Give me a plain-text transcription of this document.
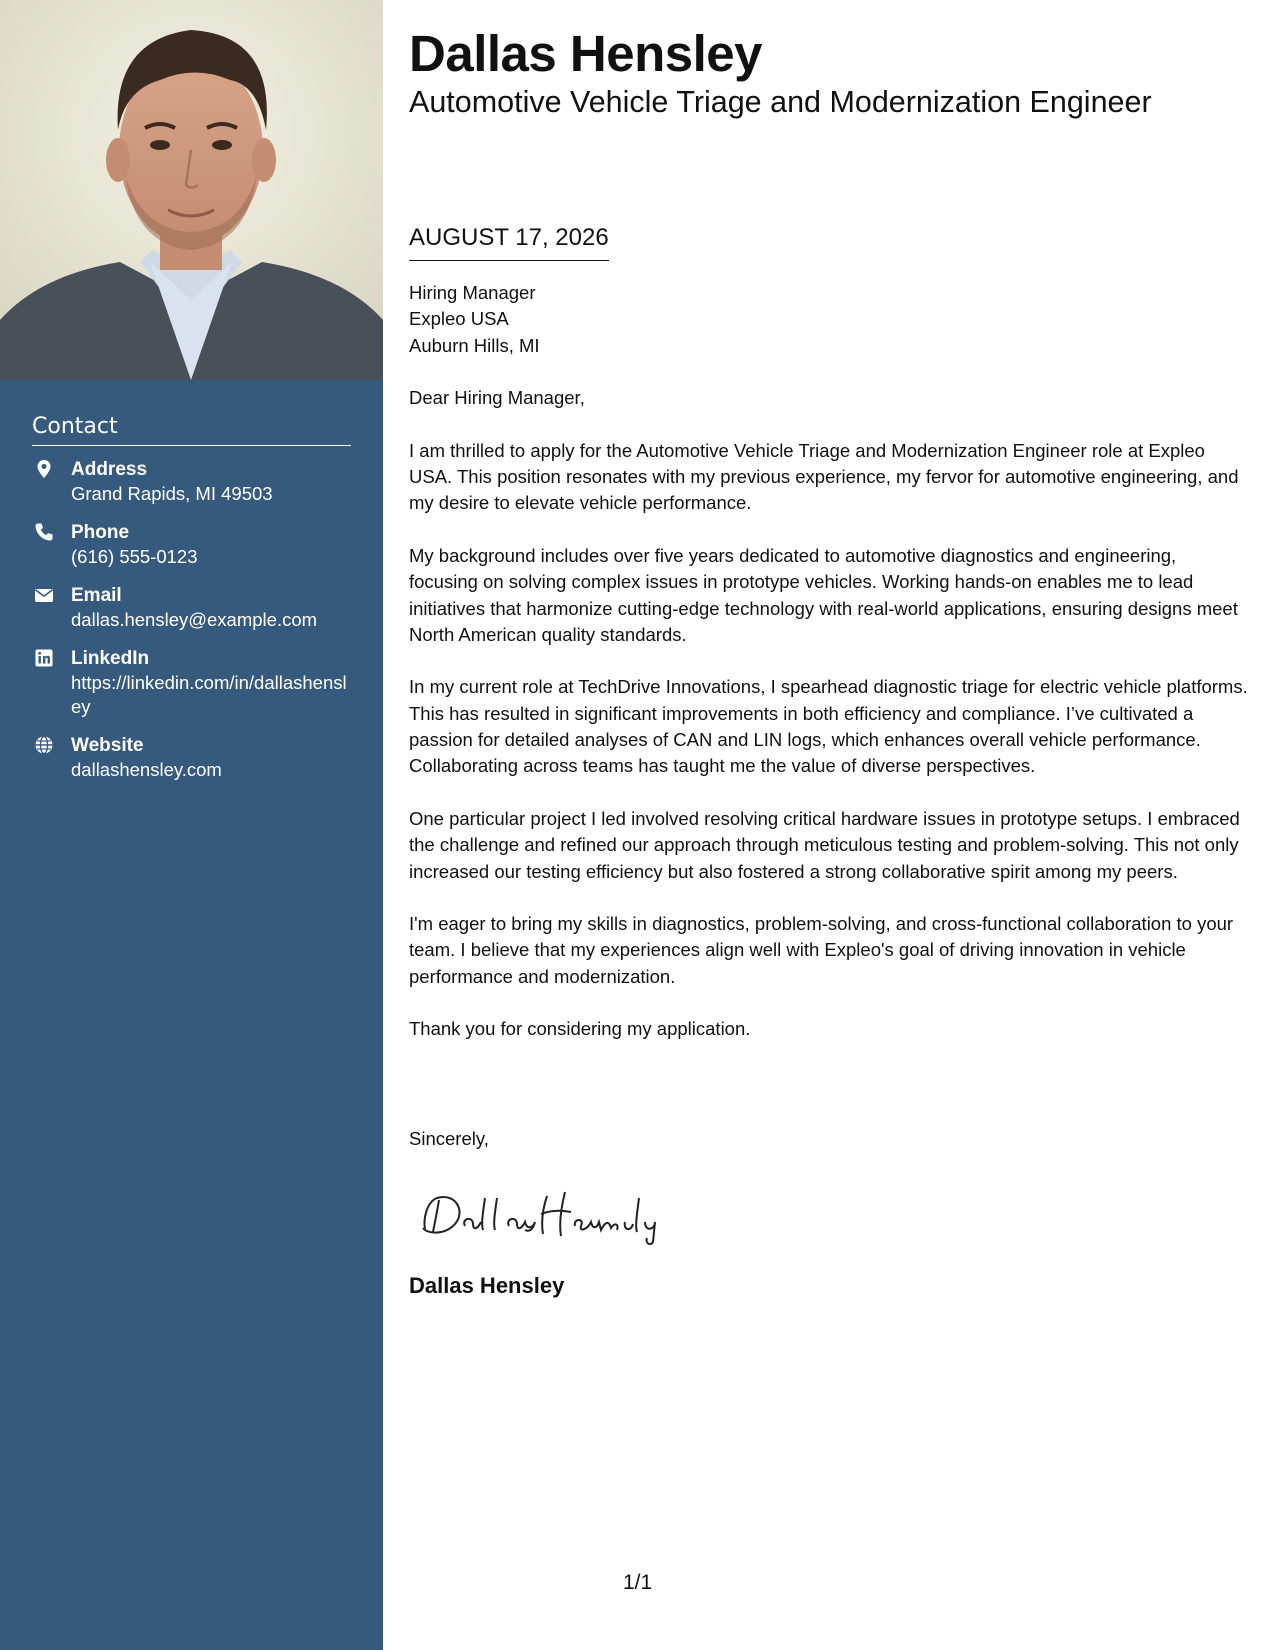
Contact
Address
Grand Rapids, MI 49503
Phone
(616) 555-0123
Email
dallas.hensley@example.com
LinkedIn
https://linkedin.com/in/dallashensley
Website
dallashensley.com
Dallas Hensley
Automotive Vehicle Triage and Modernization Engineer
AUGUST 17, 2026

Hiring Manager

Expleo USA

Auburn Hills, MI

Dear Hiring Manager,

I am thrilled to apply for the Automotive Vehicle Triage and Modernization Engineer role at Expleo USA. This position resonates with my previous experience, my fervor for automotive engineering, and my desire to elevate vehicle performance.

My background includes over five years dedicated to automotive diagnostics and engineering, focusing on solving complex issues in prototype vehicles. Working hands-on enables me to lead initiatives that harmonize cutting-edge technology with real-world applications, ensuring designs meet North American quality standards.

In my current role at TechDrive Innovations, I spearhead diagnostic triage for electric vehicle platforms. This has resulted in significant improvements in both efficiency and compliance. I’ve cultivated a passion for detailed analyses of CAN and LIN logs, which enhances overall vehicle performance. Collaborating across teams has taught me the value of diverse perspectives.

One particular project I led involved resolving critical hardware issues in prototype setups. I embraced the challenge and refined our approach through meticulous testing and problem-solving. This not only increased our testing efficiency but also fostered a strong collaborative spirit among my peers.

I'm eager to bring my skills in diagnostics, problem-solving, and cross-functional collaboration to your team. I believe that my experiences align well with Expleo's goal of driving innovation in vehicle performance and modernization.

Thank you for considering my application.

Sincerely,
Dallas Hensley
1/1
